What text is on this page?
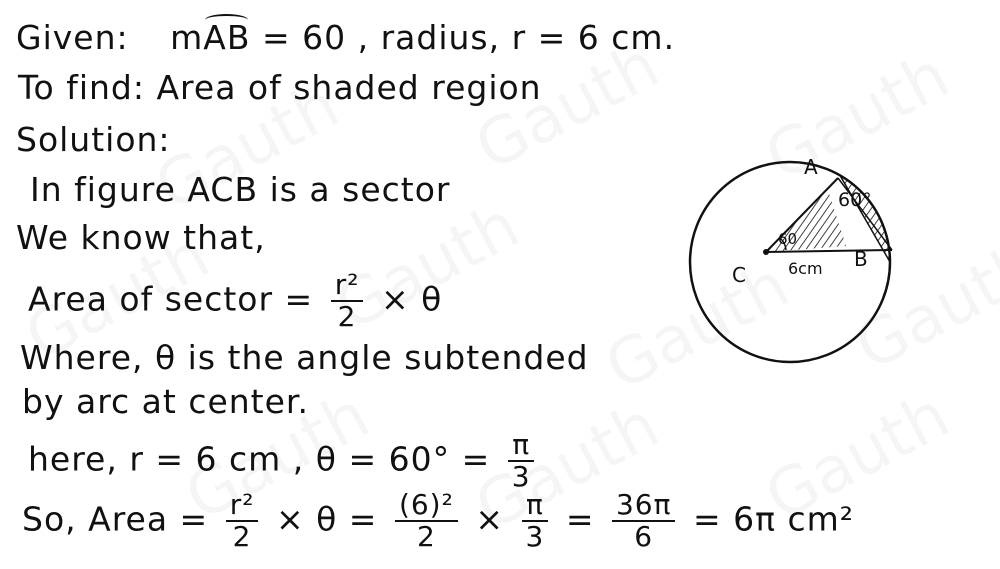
Given: mAB = 60 , radius, r = 6 cm.
To find: Area of shaded region
Solution:
In figure ACB is a sector
We know that,
Area of sector = $\frac{\text{r²}}{2} \times \theta$
Where, θ is the angle subtended
by arc at center.
here, r = 6 cm , $\theta = 60^\circ = \frac{\pi}{3}$
So, Area = $\frac{\text{r²}}{2} \times \theta = \frac{\text{(6)²}}{2} \times \frac{\pi}{3} = \frac{36\pi}{6} = 6\pi$ cm²
A
60°
60
B
C	6cm
